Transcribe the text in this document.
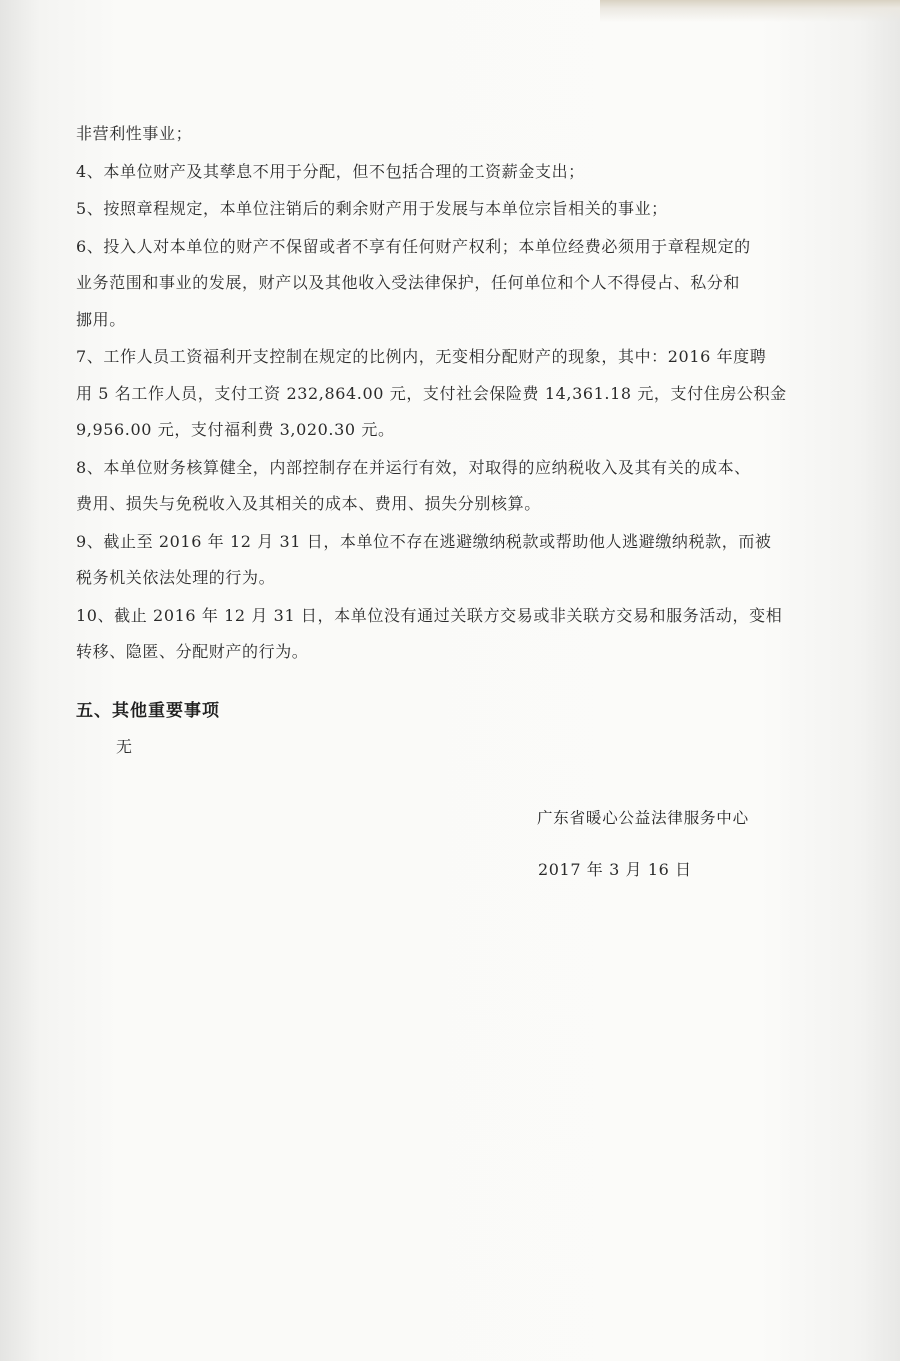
非营利性事业；
4、本单位财产及其孳息不用于分配，但不包括合理的工资薪金支出；
5、按照章程规定，本单位注销后的剩余财产用于发展与本单位宗旨相关的事业；
6、投入人对本单位的财产不保留或者不享有任何财产权利；本单位经费必须用于章程规定的
业务范围和事业的发展，财产以及其他收入受法律保护，任何单位和个人不得侵占、私分和
挪用。
7、工作人员工资福利开支控制在规定的比例内，无变相分配财产的现象，其中：2016 年度聘
用 5 名工作人员，支付工资 232,864.00 元，支付社会保险费 14,361.18 元，支付住房公积金
9,956.00 元，支付福利费 3,020.30 元。
8、本单位财务核算健全，内部控制存在并运行有效，对取得的应纳税收入及其有关的成本、
费用、损失与免税收入及其相关的成本、费用、损失分别核算。
9、截止至 2016 年 12 月 31 日，本单位不存在逃避缴纳税款或帮助他人逃避缴纳税款，而被
税务机关依法处理的行为。
10、截止 2016 年 12 月 31 日，本单位没有通过关联方交易或非关联方交易和服务活动，变相
转移、隐匿、分配财产的行为。
五、其他重要事项
无
广东省暖心公益法律服务中心
2017 年 3 月 16 日
